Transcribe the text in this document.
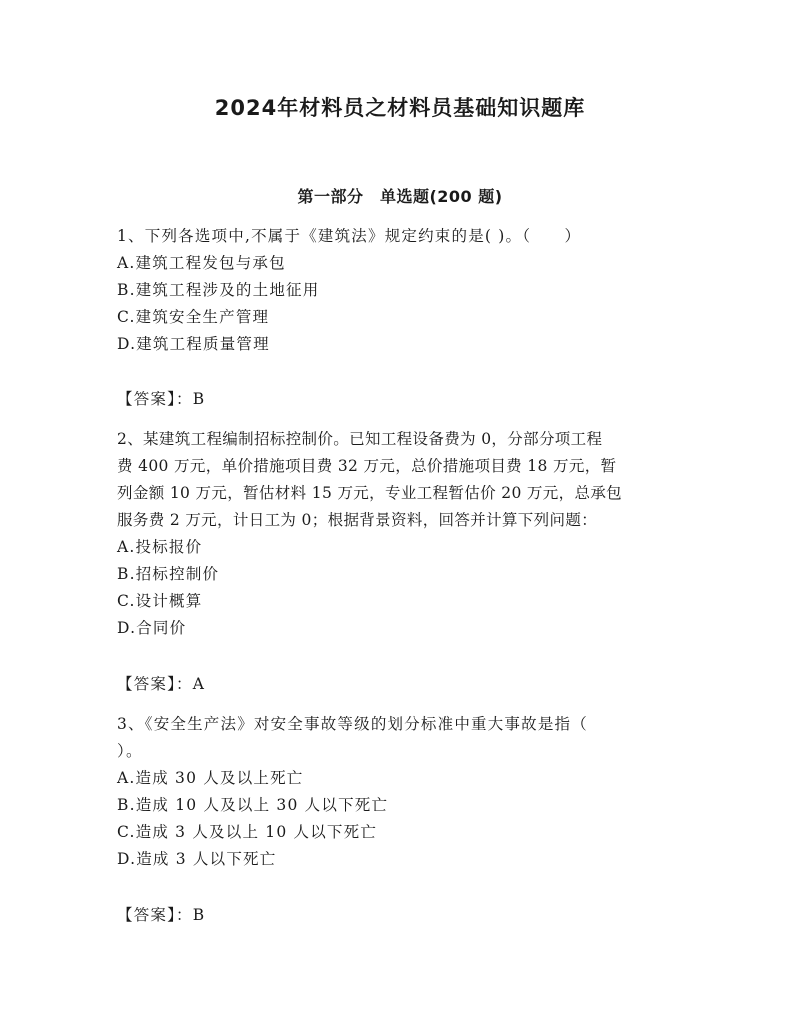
2024年材料员之材料员基础知识题库
第一部分　单选题(200 题)
1、下列各选项中,不属于《建筑法》规定约束的是( )。（　　）
A.建筑工程发包与承包
B.建筑工程涉及的土地征用
C.建筑安全生产管理
D.建筑工程质量管理
【答案】：B
2、某建筑工程编制招标控制价。已知工程设备费为 0，分部分项工程
费 400 万元，单价措施项目费 32 万元，总价措施项目费 18 万元，暂
列金额 10 万元，暂估材料 15 万元，专业工程暂估价 20 万元，总承包
服务费 2 万元，计日工为 0；根据背景资料，回答并计算下列问题：
A.投标报价
B.招标控制价
C.设计概算
D.合同价
【答案】：A
3、《安全生产法》对安全事故等级的划分标准中重大事故是指（
）。
A.造成 30 人及以上死亡
B.造成 10 人及以上 30 人以下死亡
C.造成 3 人及以上 10 人以下死亡
D.造成 3 人以下死亡
【答案】：B
